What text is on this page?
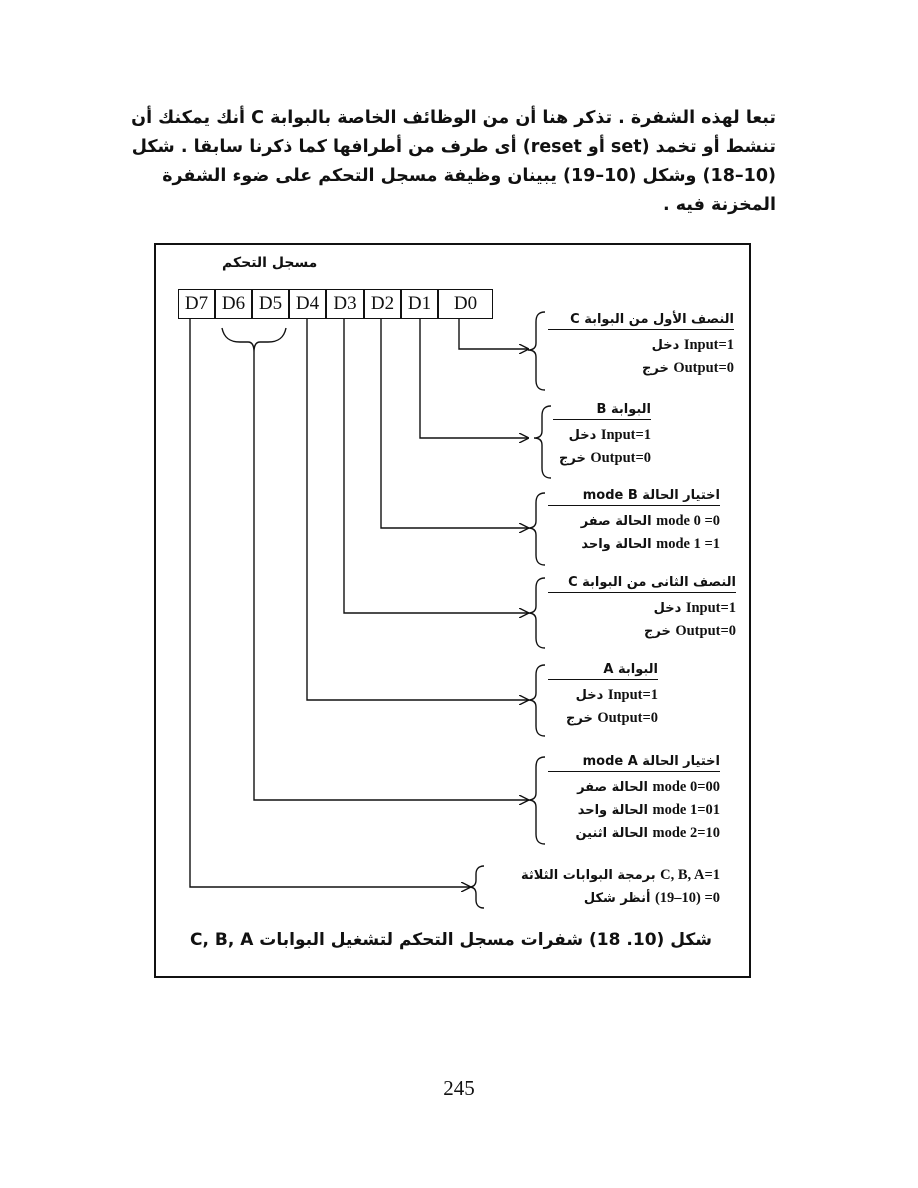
تبعا لهذه الشفرة . تذكر هنا أن من الوظائف الخاصة بالبوابة C أنك يمكنك أن
تنشط أو تخمد (set أو reset) أى طرف من أطرافها كما ذكرنا سابقا . شكل
(10–18) وشكل (10–19) يبينان وظيفة مسجل التحكم على ضوء الشفرة
المخزنة فيه .
مسجل التحكم
D7 D6 D5 D4 D3 D2 D1	D0
النصف الأول من البوابة C
1=Input دخل
0=Output خرج
البوابة B
1=Input دخل
0=Output خرج
اختيار الحالة mode B
0= mode 0 الحالة صفر
1= mode 1 الحالة واحد
النصف الثانى من البوابة C
1=Input دخل
0=Output خرج
البوابة A
1=Input دخل
0=Output خرج
اختيار الحالة mode A
00=mode 0 الحالة صفر
01=mode 1 الحالة واحد
10=mode 2 الحالة اثنين
1=C, B, A برمجة البوابات الثلاثة
0= (10–19) أنظر شكل
شكل (10. 18) شفرات مسجل التحكم لتشغيل البوابات C, B, A
245
